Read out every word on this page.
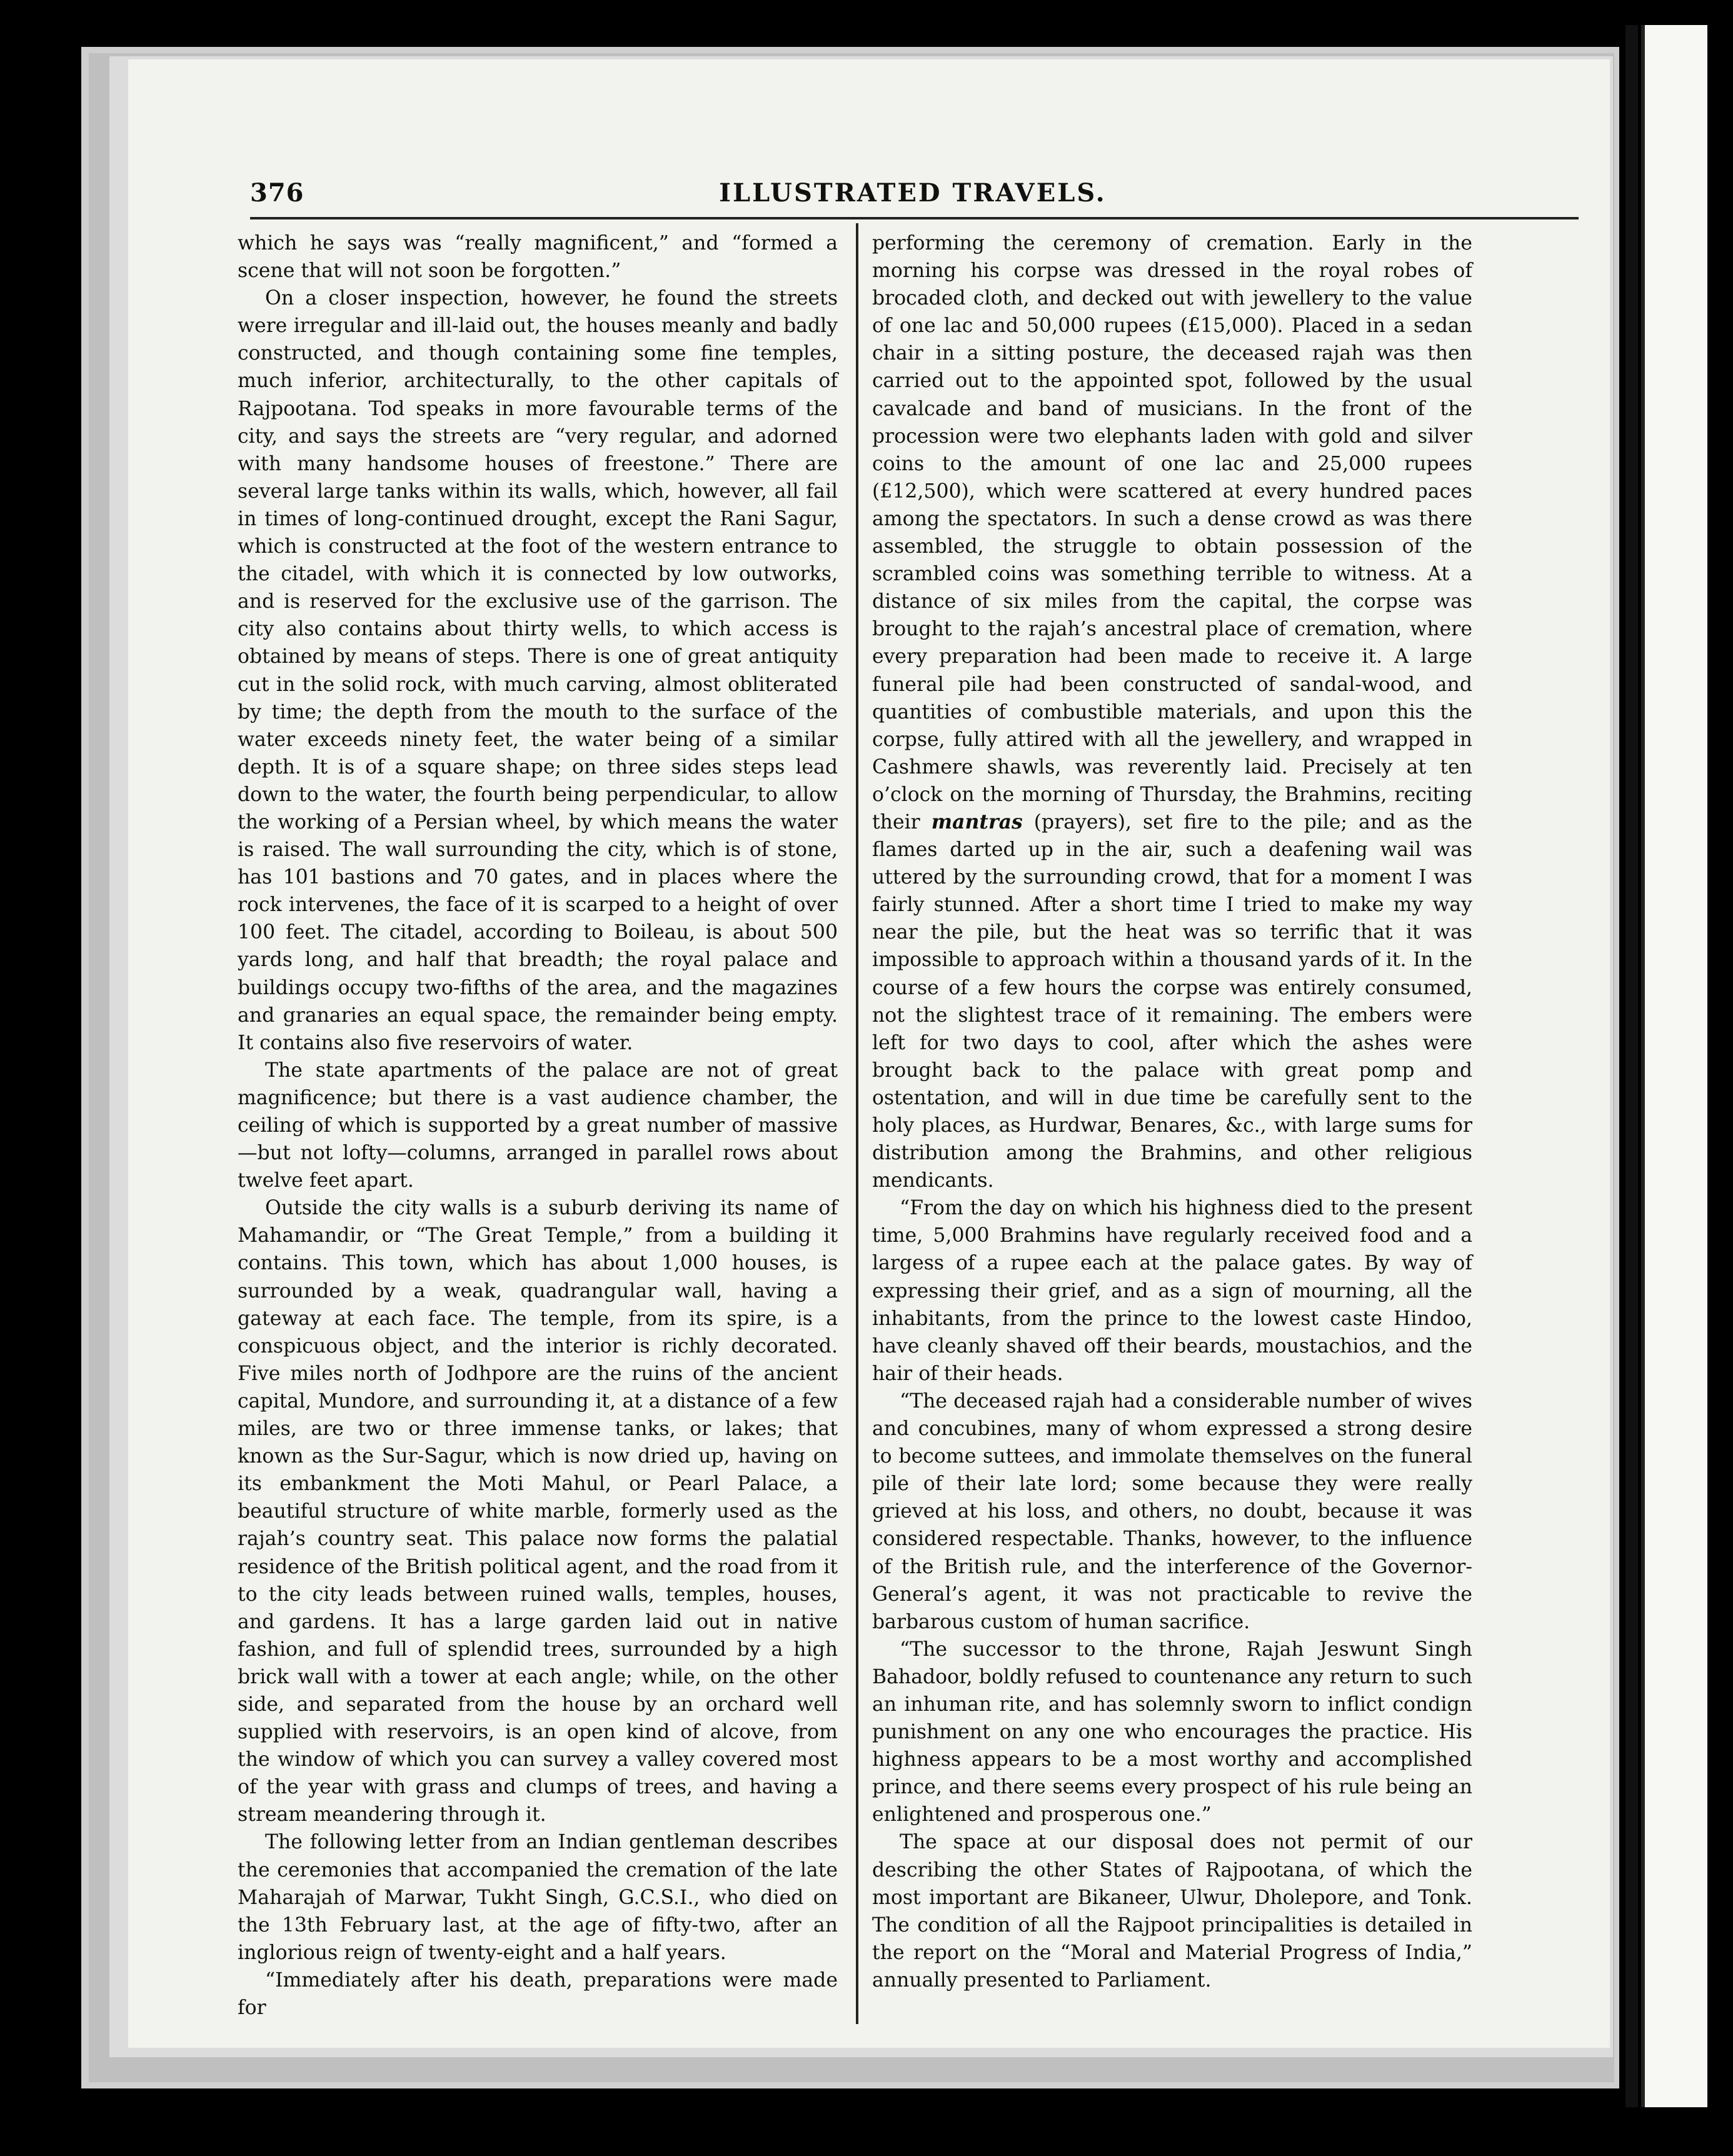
376	ILLUSTRATED TRAVELS.

which he says was “really magnificent,” and “formed a scene that will not soon be forgotten.”

On a closer inspection, however, he found the streets were irregular and ill-laid out, the houses meanly and badly constructed, and though containing some fine temples, much inferior, architecturally, to the other capitals of Rajpootana. Tod speaks in more favourable terms of the city, and says the streets are “very regular, and adorned with many handsome houses of freestone.” There are several large tanks within its walls, which, however, all fail in times of long-continued drought, except the Rani Sagur, which is constructed at the foot of the western entrance to the citadel, with which it is connected by low outworks, and is reserved for the exclusive use of the garrison. The city also contains about thirty wells, to which access is obtained by means of steps. There is one of great antiquity cut in the solid rock, with much carving, almost obliterated by time; the depth from the mouth to the surface of the water exceeds ninety feet, the water being of a similar depth. It is of a square shape; on three sides steps lead down to the water, the fourth being perpendicular, to allow the working of a Persian wheel, by which means the water is raised. The wall surrounding the city, which is of stone, has 101 bastions and 70 gates, and in places where the rock intervenes, the face of it is scarped to a height of over 100 feet. The citadel, according to Boileau, is about 500 yards long, and half that breadth; the royal palace and buildings occupy two-fifths of the area, and the magazines and granaries an equal space, the remainder being empty. It contains also five reservoirs of water.

The state apartments of the palace are not of great magnificence; but there is a vast audience chamber, the ceiling of which is supported by a great number of massive—but not lofty—columns, arranged in parallel rows about twelve feet apart.

Outside the city walls is a suburb deriving its name of Mahamandir, or “The Great Temple,” from a building it contains. This town, which has about 1,000 houses, is surrounded by a weak, quadrangular wall, having a gateway at each face. The temple, from its spire, is a conspicuous object, and the interior is richly decorated. Five miles north of Jodhpore are the ruins of the ancient capital, Mundore, and surrounding it, at a distance of a few miles, are two or three immense tanks, or lakes; that known as the Sur-Sagur, which is now dried up, having on its embankment the Moti Mahul, or Pearl Palace, a beautiful structure of white marble, formerly used as the rajah’s country seat. This palace now forms the palatial residence of the British political agent, and the road from it to the city leads between ruined walls, temples, houses, and gardens. It has a large garden laid out in native fashion, and full of splendid trees, surrounded by a high brick wall with a tower at each angle; while, on the other side, and separated from the house by an orchard well supplied with reservoirs, is an open kind of alcove, from the window of which you can survey a valley covered most of the year with grass and clumps of trees, and having a stream meandering through it.

The following letter from an Indian gentleman describes the ceremonies that accompanied the cremation of the late Maharajah of Marwar, Tukht Singh, G.C.S.I., who died on the 13th February last, at the age of fifty-two, after an inglorious reign of twenty-eight and a half years.

“Immediately after his death, preparations were made for

performing the ceremony of cremation. Early in the morning his corpse was dressed in the royal robes of brocaded cloth, and decked out with jewellery to the value of one lac and 50,000 rupees (£15,000). Placed in a sedan chair in a sitting posture, the deceased rajah was then carried out to the appointed spot, followed by the usual cavalcade and band of musicians. In the front of the procession were two elephants laden with gold and silver coins to the amount of one lac and 25,000 rupees (£12,500), which were scattered at every hundred paces among the spectators. In such a dense crowd as was there assembled, the struggle to obtain possession of the scrambled coins was something terrible to witness. At a distance of six miles from the capital, the corpse was brought to the rajah’s ancestral place of cremation, where every preparation had been made to receive it. A large funeral pile had been constructed of sandal-wood, and quantities of combustible materials, and upon this the corpse, fully attired with all the jewellery, and wrapped in Cashmere shawls, was reverently laid. Precisely at ten o’clock on the morning of Thursday, the Brahmins, reciting their mantras (prayers), set fire to the pile; and as the flames darted up in the air, such a deafening wail was uttered by the surrounding crowd, that for a moment I was fairly stunned. After a short time I tried to make my way near the pile, but the heat was so terrific that it was impossible to approach within a thousand yards of it. In the course of a few hours the corpse was entirely consumed, not the slightest trace of it remaining. The embers were left for two days to cool, after which the ashes were brought back to the palace with great pomp and ostentation, and will in due time be carefully sent to the holy places, as Hurdwar, Benares, &c., with large sums for distribution among the Brahmins, and other religious mendicants.

“From the day on which his highness died to the present time, 5,000 Brahmins have regularly received food and a largess of a rupee each at the palace gates. By way of expressing their grief, and as a sign of mourning, all the inhabitants, from the prince to the lowest caste Hindoo, have cleanly shaved off their beards, moustachios, and the hair of their heads.

“The deceased rajah had a considerable number of wives and concubines, many of whom expressed a strong desire to become suttees, and immolate themselves on the funeral pile of their late lord; some because they were really grieved at his loss, and others, no doubt, because it was considered respectable. Thanks, however, to the influence of the British rule, and the interference of the Governor-General’s agent, it was not practicable to revive the barbarous custom of human sacrifice.

“The successor to the throne, Rajah Jeswunt Singh Bahadoor, boldly refused to countenance any return to such an inhuman rite, and has solemnly sworn to inflict condign punishment on any one who encourages the practice. His highness appears to be a most worthy and accomplished prince, and there seems every prospect of his rule being an enlightened and prosperous one.”

The space at our disposal does not permit of our describing the other States of Rajpootana, of which the most important are Bikaneer, Ulwur, Dholepore, and Tonk. The condition of all the Rajpoot principalities is detailed in the report on the “Moral and Material Progress of India,” annually presented to Parliament.
